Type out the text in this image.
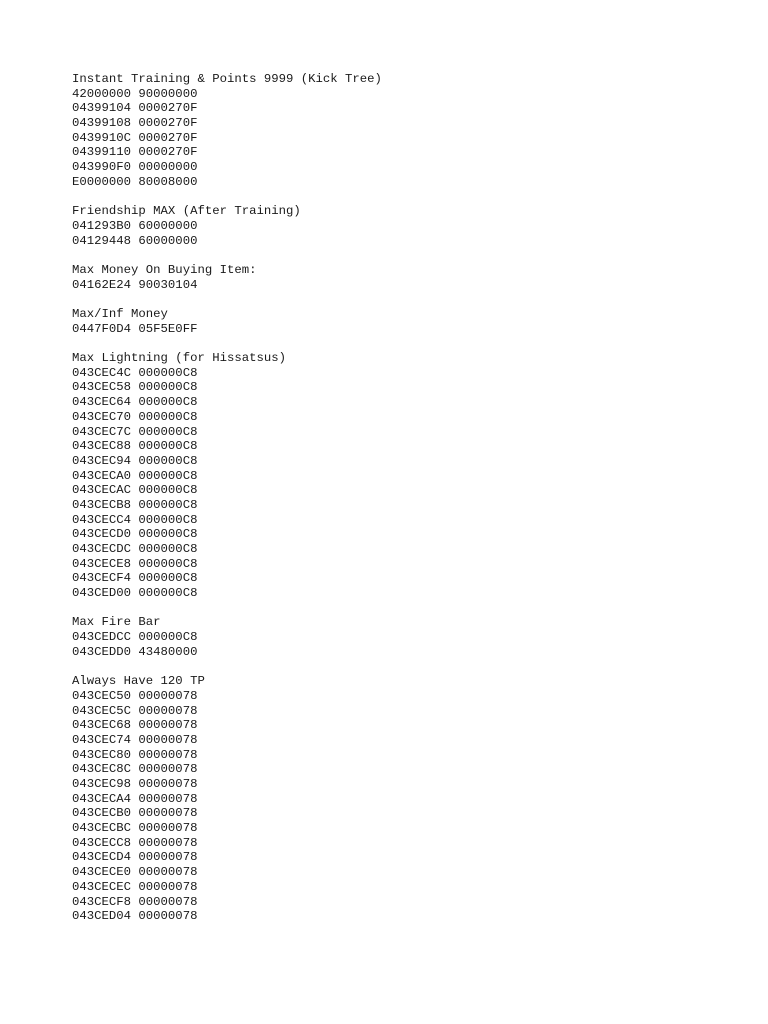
Instant Training & Points 9999 (Kick Tree)
42000000 90000000
04399104 0000270F
04399108 0000270F
0439910C 0000270F
04399110 0000270F
043990F0 00000000
E0000000 80008000
Friendship MAX (After Training)
041293B0 60000000
04129448 60000000
Max Money On Buying Item:
04162E24 90030104
Max/Inf Money
0447F0D4 05F5E0FF
Max Lightning (for Hissatsus)
043CEC4C 000000C8
043CEC58 000000C8
043CEC64 000000C8
043CEC70 000000C8
043CEC7C 000000C8
043CEC88 000000C8
043CEC94 000000C8
043CECA0 000000C8
043CECAC 000000C8
043CECB8 000000C8
043CECC4 000000C8
043CECD0 000000C8
043CECDC 000000C8
043CECE8 000000C8
043CECF4 000000C8
043CED00 000000C8
Max Fire Bar
043CEDCC 000000C8
043CEDD0 43480000
Always Have 120 TP
043CEC50 00000078
043CEC5C 00000078
043CEC68 00000078
043CEC74 00000078
043CEC80 00000078
043CEC8C 00000078
043CEC98 00000078
043CECA4 00000078
043CECB0 00000078
043CECBC 00000078
043CECC8 00000078
043CECD4 00000078
043CECE0 00000078
043CECEC 00000078
043CECF8 00000078
043CED04 00000078
